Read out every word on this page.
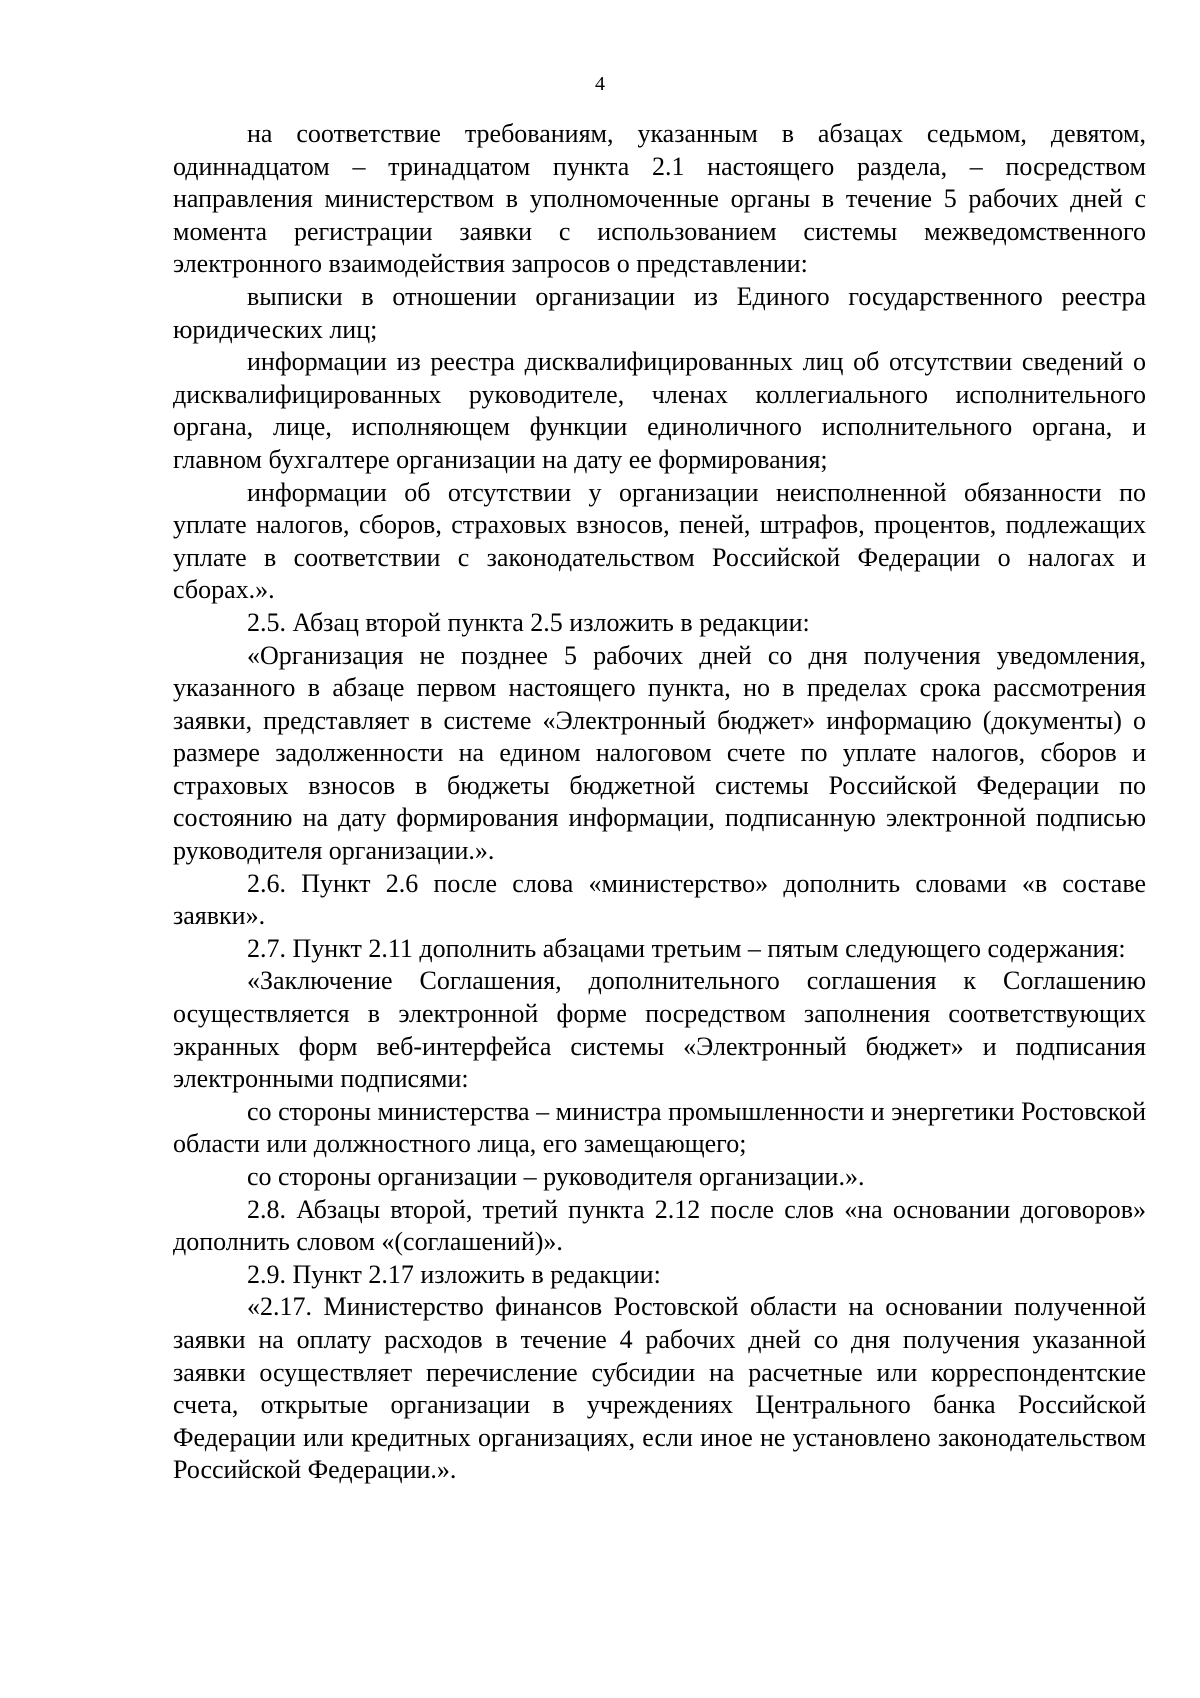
4

на соответствие требованиям, указанным в абзацах седьмом, девятом, одиннадцатом – тринадцатом пункта 2.1 настоящего раздела, – посредством направления министерством в уполномоченные органы в течение 5 рабочих дней с момента регистрации заявки с использованием системы межведомственного электронного взаимодействия запросов о представлении:

выписки в отношении организации из Единого государственного реестра юридических лиц;

информации из реестра дисквалифицированных лиц об отсутствии сведений о дисквалифицированных руководителе, членах коллегиального исполнительного органа, лице, исполняющем функции единоличного исполнительного органа, и главном бухгалтере организации на дату ее формирования;

информации об отсутствии у организации неисполненной обязанности по уплате налогов, сборов, страховых взносов, пеней, штрафов, процентов, подлежащих уплате в соответствии с законодательством Российской Федерации о налогах и сборах.».

2.5. Абзац второй пункта 2.5 изложить в редакции:

«Организация не позднее 5 рабочих дней со дня получения уведомления, указанного в абзаце первом настоящего пункта, но в пределах срока рассмотрения заявки, представляет в системе «Электронный бюджет» информацию (документы) о размере задолженности на едином налоговом счете по уплате налогов, сборов и страховых взносов в бюджеты бюджетной системы Российской Федерации по состоянию на дату формирования информации, подписанную электронной подписью руководителя организации.».

2.6. Пункт 2.6 после слова «министерство» дополнить словами «в составе заявки».

2.7. Пункт 2.11 дополнить абзацами третьим – пятым следующего содержания:

«Заключение Соглашения, дополнительного соглашения к Соглашению осуществляется в электронной форме посредством заполнения соответствующих экранных форм веб-интерфейса системы «Электронный бюджет» и подписания электронными подписями:

со стороны министерства – министра промышленности и энергетики Ростовской области или должностного лица, его замещающего;

со стороны организации – руководителя организации.».

2.8. Абзацы второй, третий пункта 2.12 после слов «на основании договоров» дополнить словом «(соглашений)».

2.9. Пункт 2.17 изложить в редакции:

«2.17. Министерство финансов Ростовской области на основании полученной заявки на оплату расходов в течение 4 рабочих дней со дня получения указанной заявки осуществляет перечисление субсидии на расчетные или корреспондентские счета, открытые организации в учреждениях Центрального банка Российской Федерации или кредитных организациях, если иное не установлено законодательством Российской Федерации.».
